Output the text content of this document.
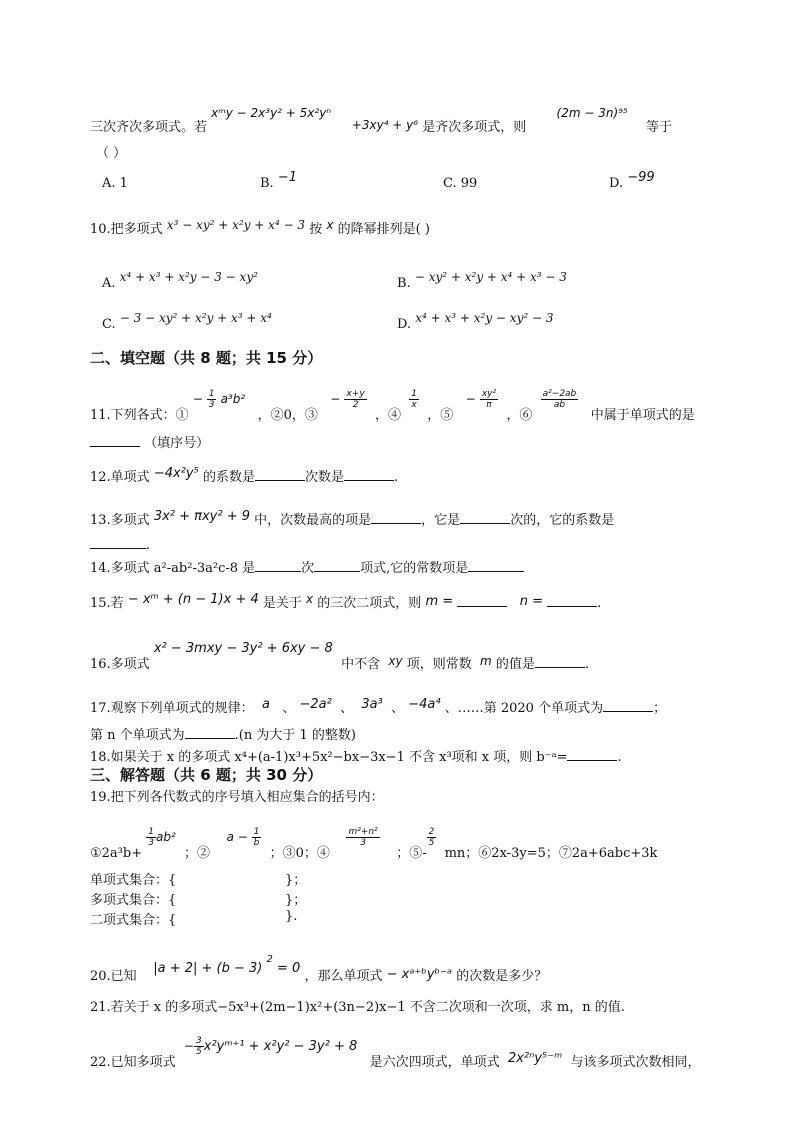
三次齐次多项式。若 xᵐy − 2x³y² + 5x²yⁿ     +3xy⁴ + y⁶ 是齐次多项式，则  (2m − 3n)⁹⁵  等于
（ ）
A. 1	B. −1	C. 99	D. −99
10.把多项式 x³ − xy² + x²y + x⁴ − 3 按 x 的降幂排列是( )
A. x⁴ + x³ + x²y − 3 − xy²	B. − xy² + x²y + x⁴ + x³ − 3
C. − 3 − xy² + x²y + x³ + x⁴	D. x⁴ + x³ + x²y − xy² − 3
二、填空题（共 8 题；共 15 分）
11.下列各式：① − $\frac{1}{3} a^3b^2$   ，②0，③   − $\frac{x+y}{2}$
，④
$\frac{1}{x}$
，⑤   − $\frac{\text{xy²}}{\pi}$
，⑥
$\frac{\text{a²−2ab}}{ab}$
中属于单项式的是
（填序号）
12.单项式 −4x²y⁵ 的系数是	次数是	.
13.多项式 3x² + πxy² + 9 中，次数最高的项是	，它是	次的，它的系数是
.
14.多项式 a²-ab²-3a²c-8 是	次	项式,它的常数项是
15.若 − xᵐ + (n − 1)x + 4 是关于 x 的三次二项式，则 m =	n =	.
16.多项式 x² − 3mxy − 3y² + 6xy − 8  中不含 xy 项，则常数 m 的值是	.
17.观察下列单项式的规律： a 、 −2a² 、 3a³ 、 −4a⁴ 、……第 2020 个单项式为	；
第 n 个单项式为	.(n 为大于 1 的整数)
18.如果关于 x 的多项式 x⁴+(a-1)x³+5x²−bx−3x−1 不含 x³项和 x 项，则 b⁻ᵃ=	.
三、解答题（共 6 题；共 30 分）
19.把下列各代数式的序号填入相应集合的括号内：
①2a³b+
$\frac{1}{3} ab^2$  ；②    $a - \frac{1}{b}$
；③0；④
$\frac{\text{m²+n²}}{3}$
；⑤-
$\frac{2}{5}$
mn；⑥2x-3y=5；⑦2a+6abc+3k
单项式集合：{	}；
多项式集合：{	}；
二项式集合：{	}.
20.已知    |a + 2| + (b − 3) $^2$ = 0 ，那么单项式 − xᵃ⁺ᵇyᵇ⁻ᵃ 的次数是多少？
21.若关于 x 的多项式−5x³+(2m−1)x²+(3n−2)x−1 不含二次项和一次项，求 m，n 的值.
22.已知多项式  − $\frac{3}{5}$ x²yᵐ⁺¹ + x²y² − 3y² + 8   是六次四项式，单项式 2x²ⁿy⁵⁻ᵐ 与该多项式次数相同，
